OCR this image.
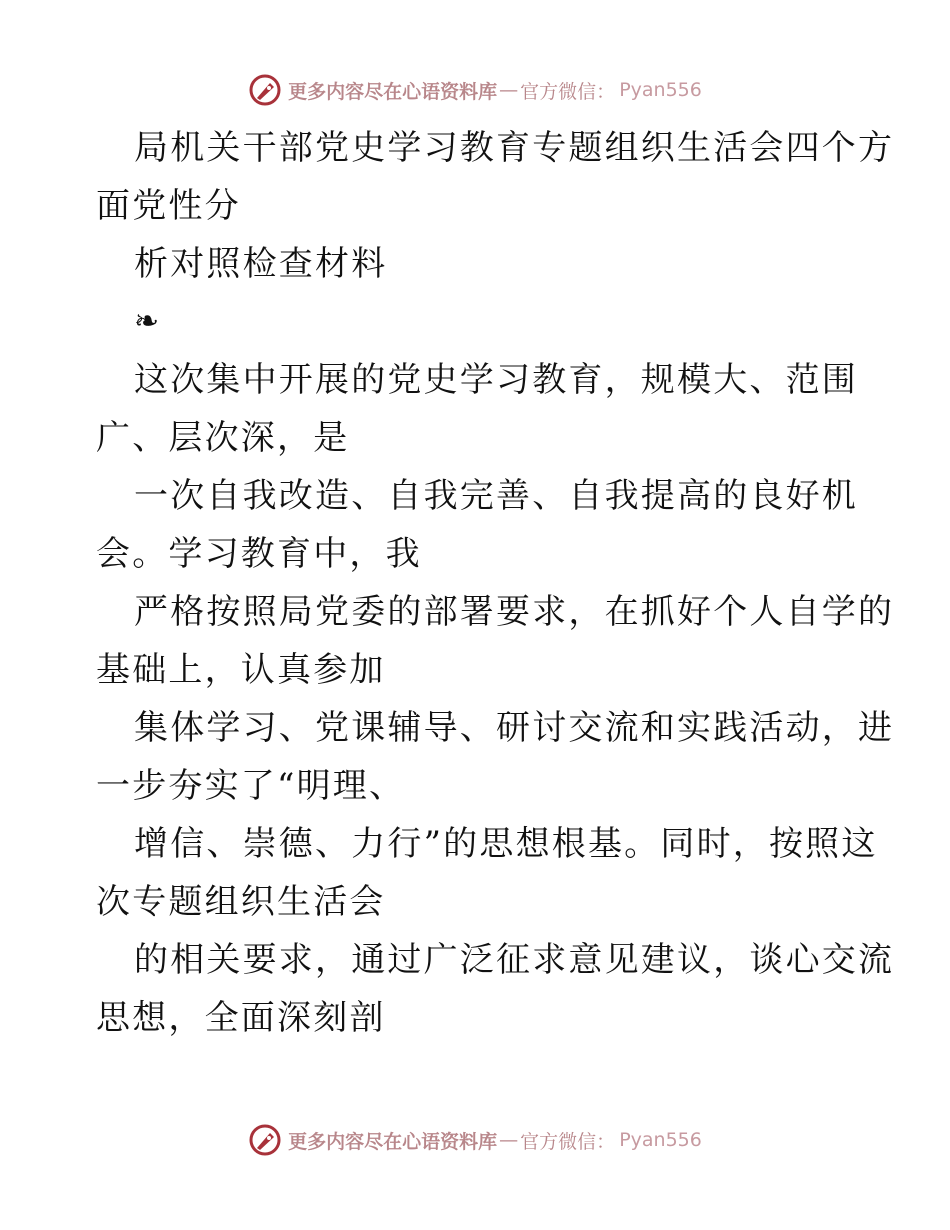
更多内容尽在心语资料库 — 官方微信： Pyan556
局机关干部党史学习教育专题组织生活会四个方
面党性分
析对照检查材料
❧
这次集中开展的党史学习教育，规模大、范围
广、层次深，是
一次自我改造、自我完善、自我提高的良好机
会。学习教育中，我
严格按照局党委的部署要求，在抓好个人自学的
基础上，认真参加
集体学习、党课辅导、研讨交流和实践活动，进
一步夯实了“明理、
增信、崇德、力行”的思想根基。同时，按照这
次专题组织生活会
的相关要求，通过广泛征求意见建议，谈心交流
思想，全面深刻剖
更多内容尽在心语资料库 — 官方微信： Pyan556
